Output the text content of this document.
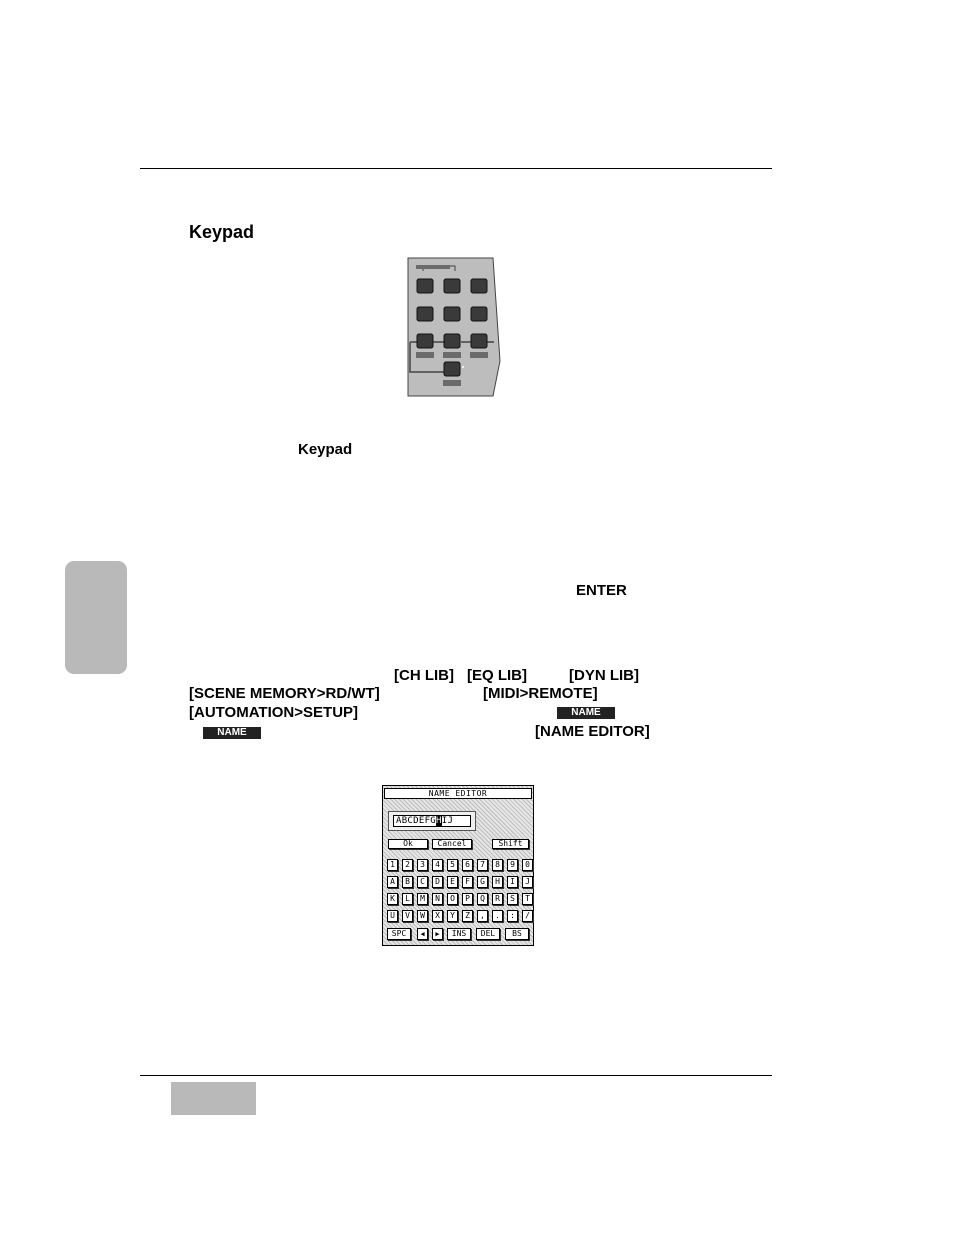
Keypad
Keypad
ENTER
[CH LIB] [EQ LIB]	[DYN LIB]
[SCENE MEMORY>RD/WT]	[MIDI>REMOTE]
[AUTOMATION>SETUP]	NAME
NAME	[NAME EDITOR]
NAME EDITOR
ABCDEFGHIJ
Ok	Cancel	Shift
1	2	3	4	5	6	7	8	9	0
A	B	C	D	E	F	G	H	I	J
K	L	M	N	O	P	Q	R	S	T
U	V	W	X	Y	Z	,	.	:	/
SPC	◀	▶	INS	DEL	BS
